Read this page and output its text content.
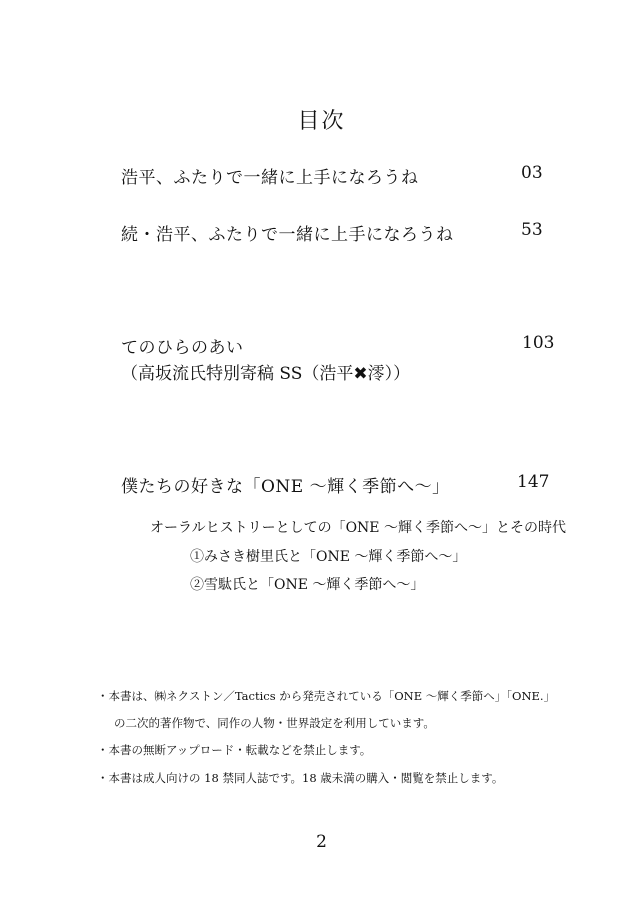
目次
浩平、ふたりで一緒に上手になろうね	03
続・浩平、ふたりで一緒に上手になろうね	53
てのひらのあい	103
（高坂流氏特別寄稿 SS（浩平✖澪））
僕たちの好きな「ONE ～輝く季節へ～」	147
オーラルヒストリーとしての「ONE ～輝く季節へ～」とその時代
①みさき樹里氏と「ONE ～輝く季節へ～」
②雪駄氏と「ONE ～輝く季節へ～」
・本書は、㈱ネクストン／Tactics から発売されている「ONE ～輝く季節へ」「ONE.」
の二次的著作物で、同作の人物・世界設定を利用しています。
・本書の無断アップロード・転載などを禁止します。
・本書は成人向けの 18 禁同人誌です。18 歳未満の購入・閲覧を禁止します。
2
